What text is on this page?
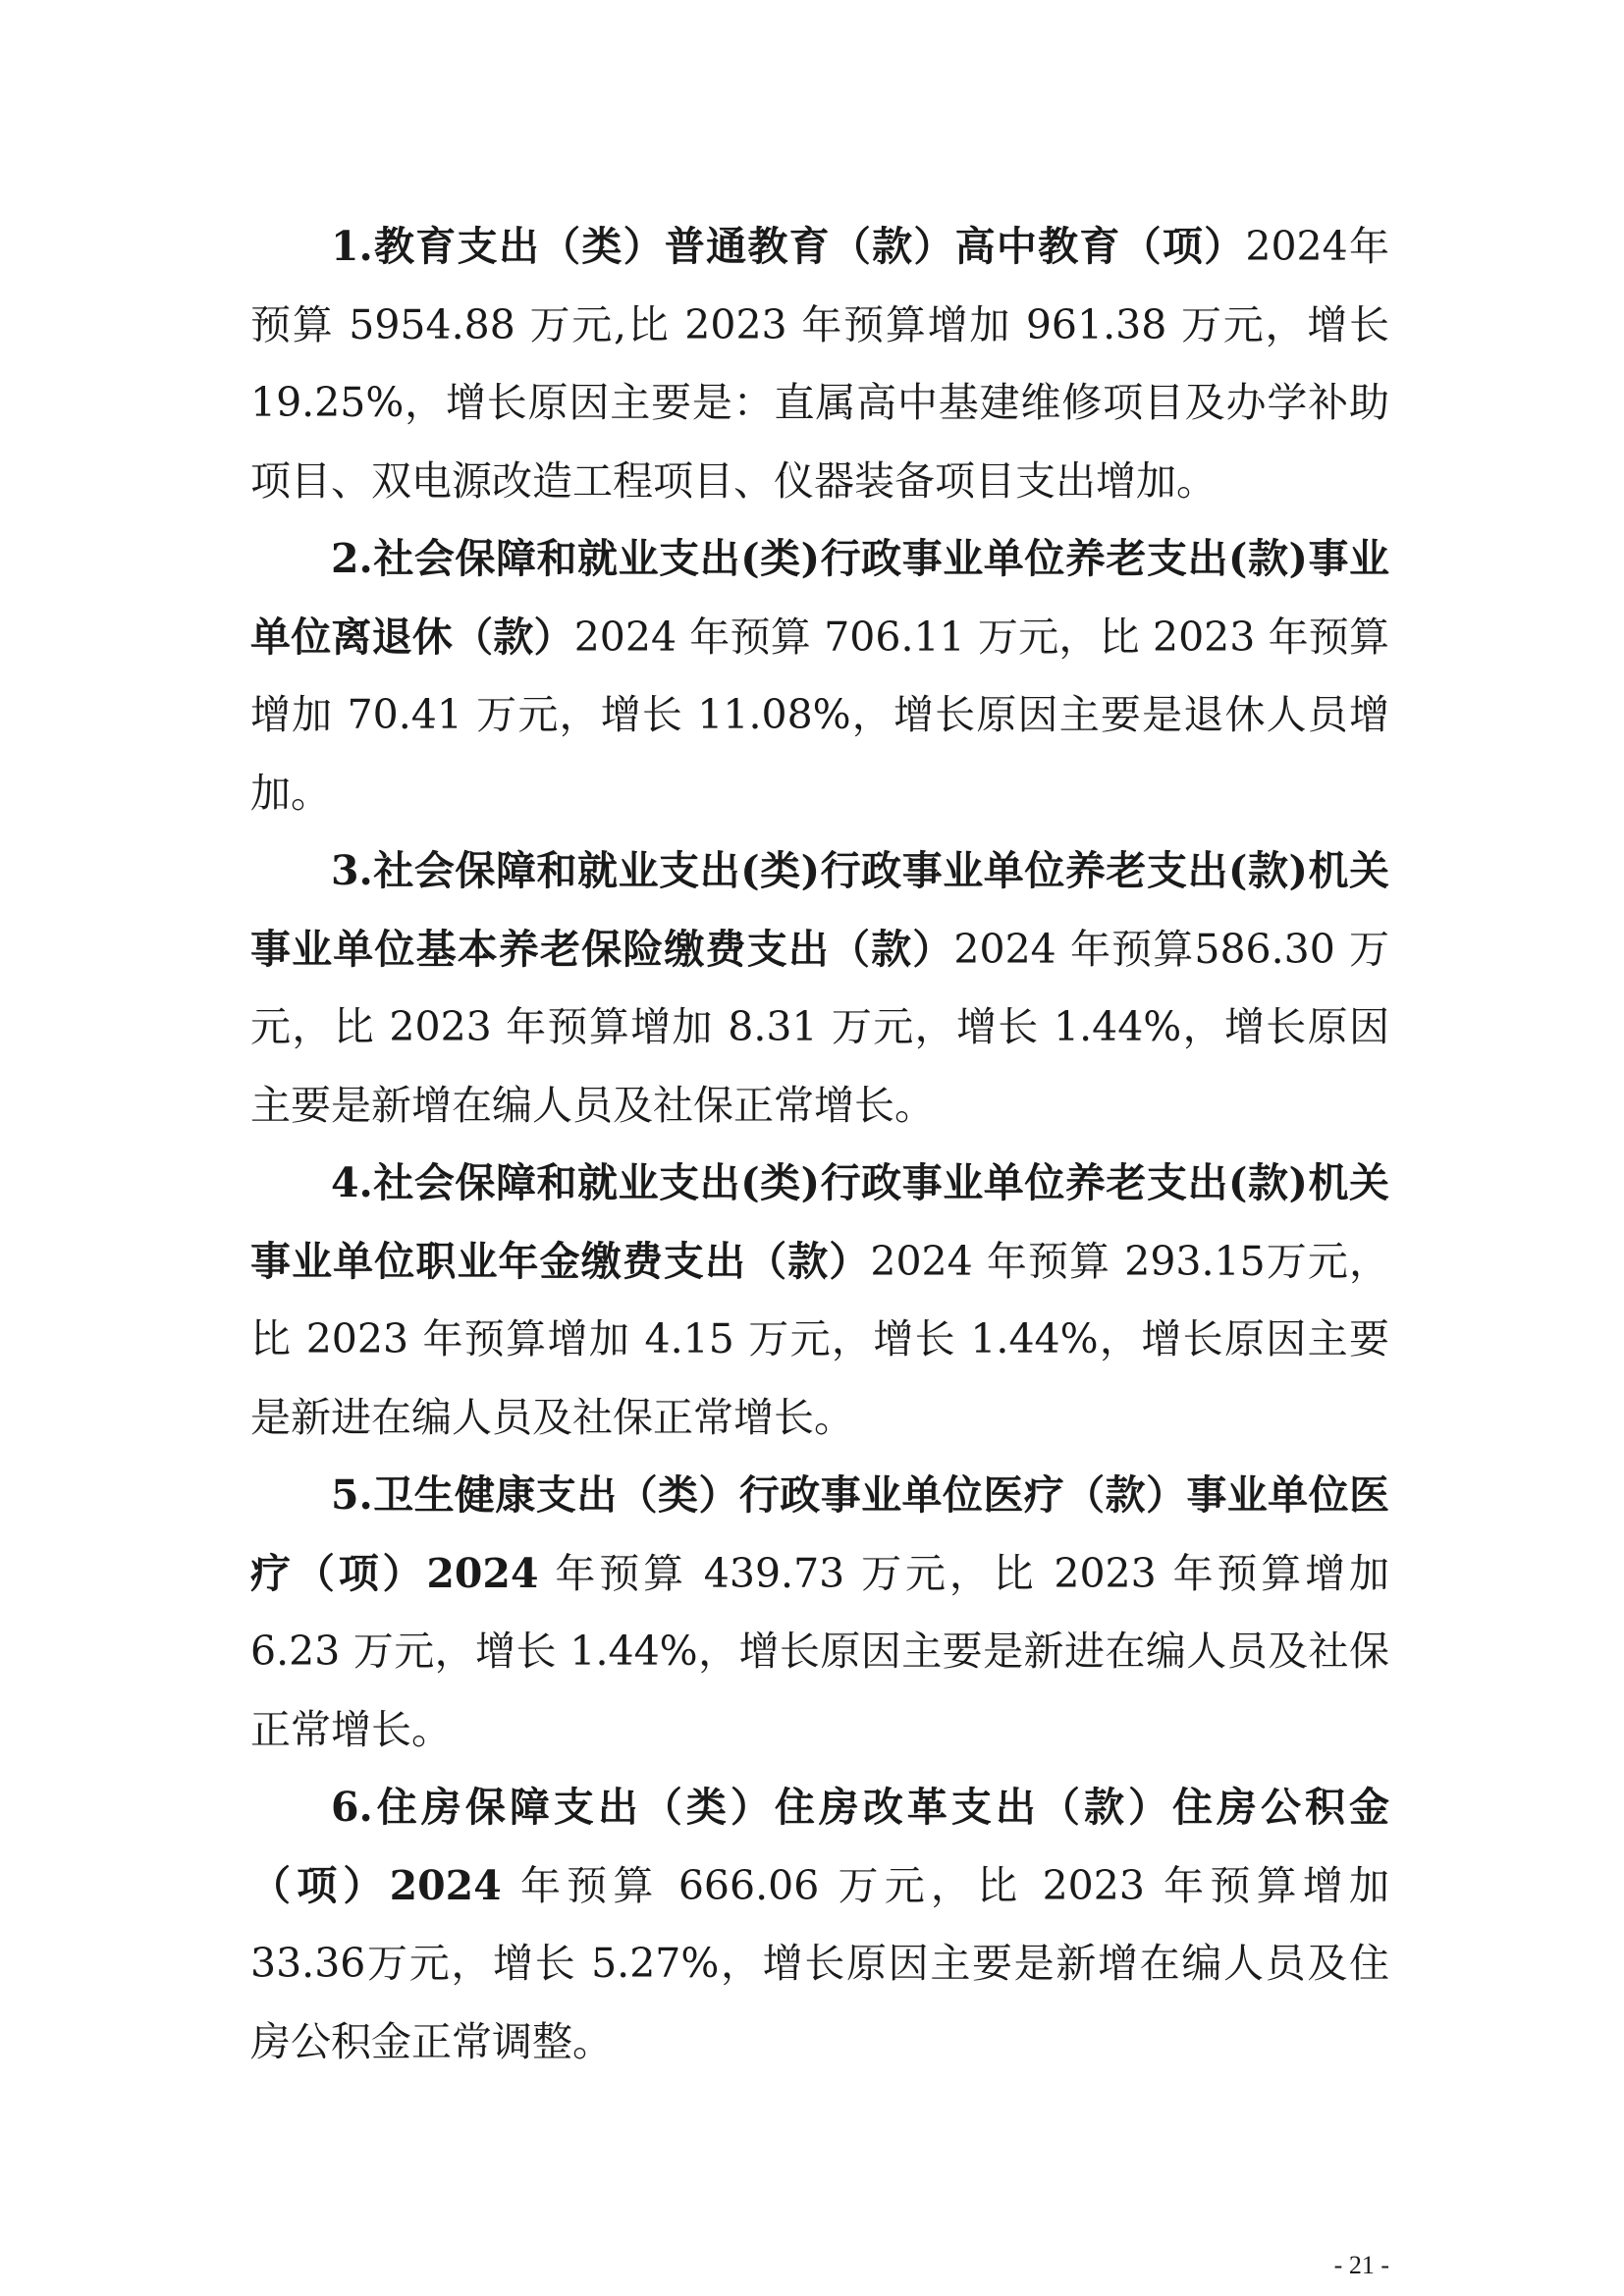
1.教育支出（类）普通教育（款）高中教育（项）2024年预算 5954.88 万元,比 2023 年预算增加 961.38 万元，增长19.25%，增长原因主要是：直属高中基建维修项目及办学补助项目、双电源改造工程项目、仪器装备项目支出增加。

2.社会保障和就业支出(类)行政事业单位养老支出(款)事业单位离退休（款）2024 年预算 706.11 万元，比 2023 年预算增加 70.41 万元，增长 11.08%，增长原因主要是退休人员增加。

3.社会保障和就业支出(类)行政事业单位养老支出(款)机关事业单位基本养老保险缴费支出（款）2024 年预算586.30 万元，比 2023 年预算增加 8.31 万元，增长 1.44%，增长原因主要是新增在编人员及社保正常增长。

4.社会保障和就业支出(类)行政事业单位养老支出(款)机关事业单位职业年金缴费支出（款）2024 年预算 293.15万元，比 2023 年预算增加 4.15 万元，增长 1.44%，增长原因主要是新进在编人员及社保正常增长。

5.卫生健康支出（类）行政事业单位医疗（款）事业单位医疗（项）2024 年预算 439.73 万元，比 2023 年预算增加6.23 万元，增长 1.44%，增长原因主要是新进在编人员及社保正常增长。

6.住房保障支出（类）住房改革支出（款）住房公积金（项）2024 年预算 666.06 万元，比 2023 年预算增加 33.36万元，增长 5.27%，增长原因主要是新增在编人员及住房公积金正常调整。

- 21 -
